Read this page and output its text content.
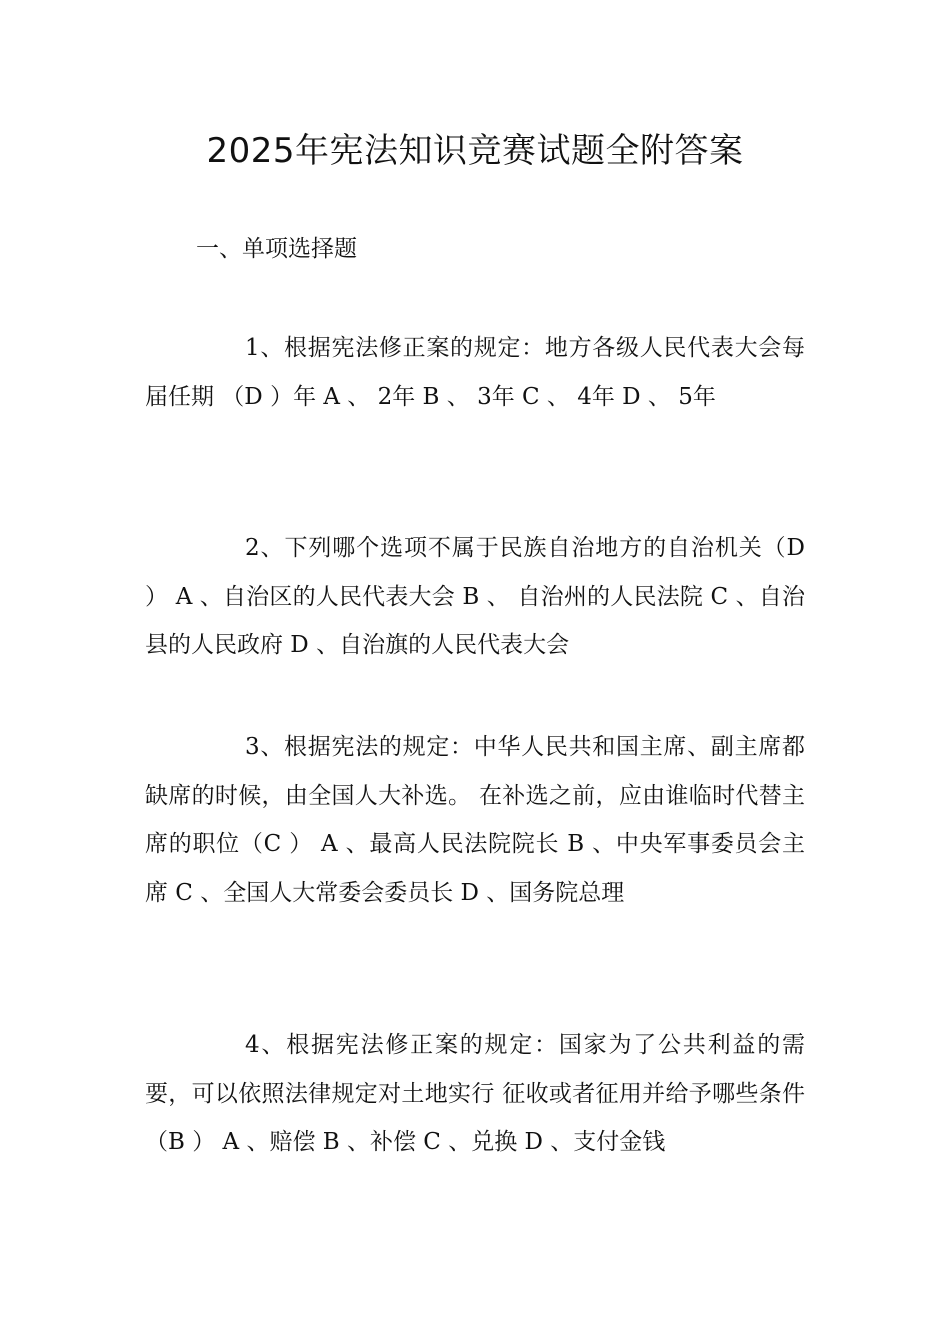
2025年宪法知识竞赛试题全附答案
一、单项选择题

1、根据宪法修正案的规定：地方各级人民代表大会每届任期 （D ）年 A 、 2年 B 、 3年 C 、 4年 D 、 5年

2、下列哪个选项不属于民族自治地方的自治机关（D ） A 、自治区的人民代表大会 B 、 自治州的人民法院 C 、自治县的人民政府 D 、自治旗的人民代表大会

3、根据宪法的规定：中华人民共和国主席、副主席都缺席的时候，由全国人大补选。 在补选之前，应由谁临时代替主席的职位（C ） A 、最高人民法院院长 B 、中央军事委员会主 席 C 、全国人大常委会委员长 D 、国务院总理

4、根据宪法修正案的规定：国家为了公共利益的需要，可以依照法律规定对土地实行 征收或者征用并给予哪些条件（B ） A 、赔偿 B 、补偿 C 、兑换 D 、支付金钱
